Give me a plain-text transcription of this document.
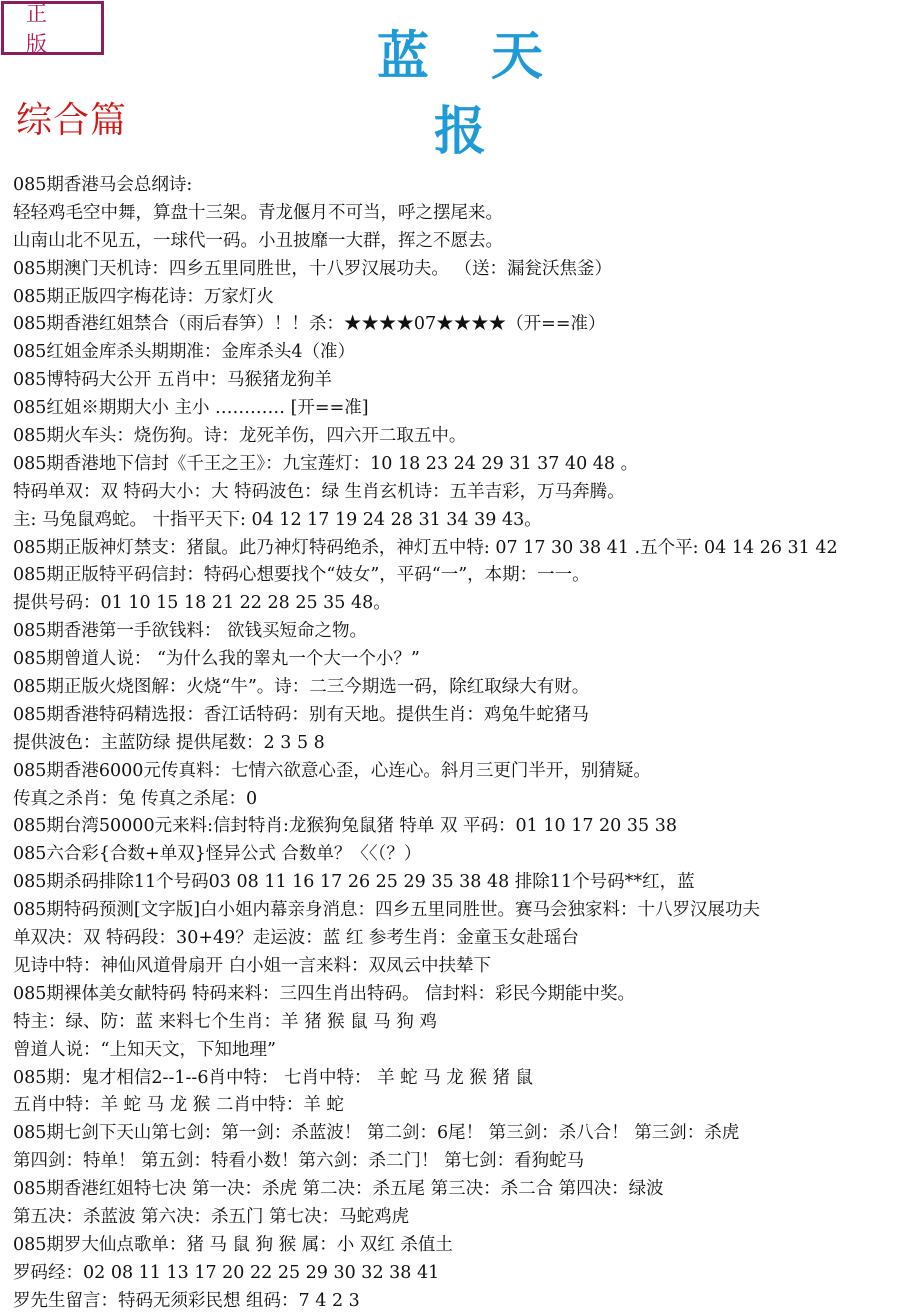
正 版	蓝天报
综合篇
085期香港马会总纲诗:
轻轻鸡毛空中舞，算盘十三架。青龙偃月不可当，呼之摆尾来。
山南山北不见五，一球代一码。小丑披靡一大群，挥之不愿去。
085期澳门天机诗：四乡五里同胜世，十八罗汉展功夫。 （送：漏瓮沃焦釜）
085期正版四字梅花诗：万家灯火
085期香港红姐禁合（雨后春笋）！！杀：★★★★07★★★★（开==准）
085红姐金库杀头期期准：金库杀头4（准）
085博特码大公开 五肖中：马猴猪龙狗羊
085红姐※期期大小 主小 ………… [开==准]
085期火车头：烧伤狗。诗：龙死羊伤，四六开二取五中。
085期香港地下信封《千王之王》：九宝莲灯：10 18 23 24 29 31 37 40 48 。
特码单双：双 特码大小：大 特码波色：绿 生肖玄机诗：五羊吉彩，万马奔腾。
主: 马兔鼠鸡蛇。 十指平天下: 04 12 17 19 24 28 31 34 39 43。
085期正版神灯禁支：猪鼠。此乃神灯特码绝杀，神灯五中特: 07 17 30 38 41 .五个平: 04 14 26 31 42
085期正版特平码信封：特码心想要找个“妓女”，平码“一”，本期：一一。
提供号码：01 10 15 18 21 22 28 25 35 48。
085期香港第一手欲钱料： 欲钱买短命之物。
085期曾道人说： “为什么我的睾丸一个大一个小？”
085期正版火烧图解：火烧“牛”。诗：二三今期选一码，除红取绿大有财。
085期香港特码精选报：香江话特码：别有天地。提供生肖：鸡兔牛蛇猪马
提供波色：主蓝防绿 提供尾数：2 3 5 8
085期香港6000元传真料：七情六欲意心歪，心连心。斜月三更门半开，别猜疑。
传真之杀肖：兔 传真之杀尾：0
085期台湾50000元来料:信封特肖:龙猴狗兔鼠猪 特单 双 平码：01 10 17 20 35 38
085六合彩{合数+单双}怪异公式 合数单？〈〈（？）
085期杀码排除11个号码03 08 11 16 17 26 25 29 35 38 48 排除11个号码**红，蓝
085期特码预测[文字版]白小姐内幕亲身消息：四乡五里同胜世。赛马会独家料：十八罗汉展功夫
单双决：双 特码段：30+49？走运波：蓝 红 参考生肖：金童玉女赴瑶台
见诗中特：神仙风道骨扇开 白小姐一言来料：双凤云中扶辇下
085期裸体美女献特码 特码来料：三四生肖出特码。 信封料：彩民今期能中奖。
特主：绿、防：蓝 来料七个生肖：羊 猪 猴 鼠 马 狗 鸡
曾道人说：“上知天文，下知地理”
085期：鬼才相信2--1--6肖中特： 七肖中特： 羊 蛇 马 龙 猴 猪 鼠
五肖中特：羊 蛇 马 龙 猴 二肖中特：羊 蛇
085期七剑下天山第七剑：第一剑：杀蓝波！ 第二剑：6尾！ 第三剑：杀八合！ 第三剑：杀虎
第四剑：特单！ 第五剑：特看小数！第六剑：杀二门！ 第七剑：看狗蛇马
085期香港红姐特七决 第一决：杀虎 第二决：杀五尾 第三决：杀二合 第四决：绿波
第五决：杀蓝波 第六决：杀五门 第七决：马蛇鸡虎
085期罗大仙点歌单：猪 马 鼠 狗 猴 属：小 双红 杀值土
罗码经：02 08 11 13 17 20 22 25 29 30 32 38 41
罗先生留言：特码无须彩民想 组码：7 4 2 3
